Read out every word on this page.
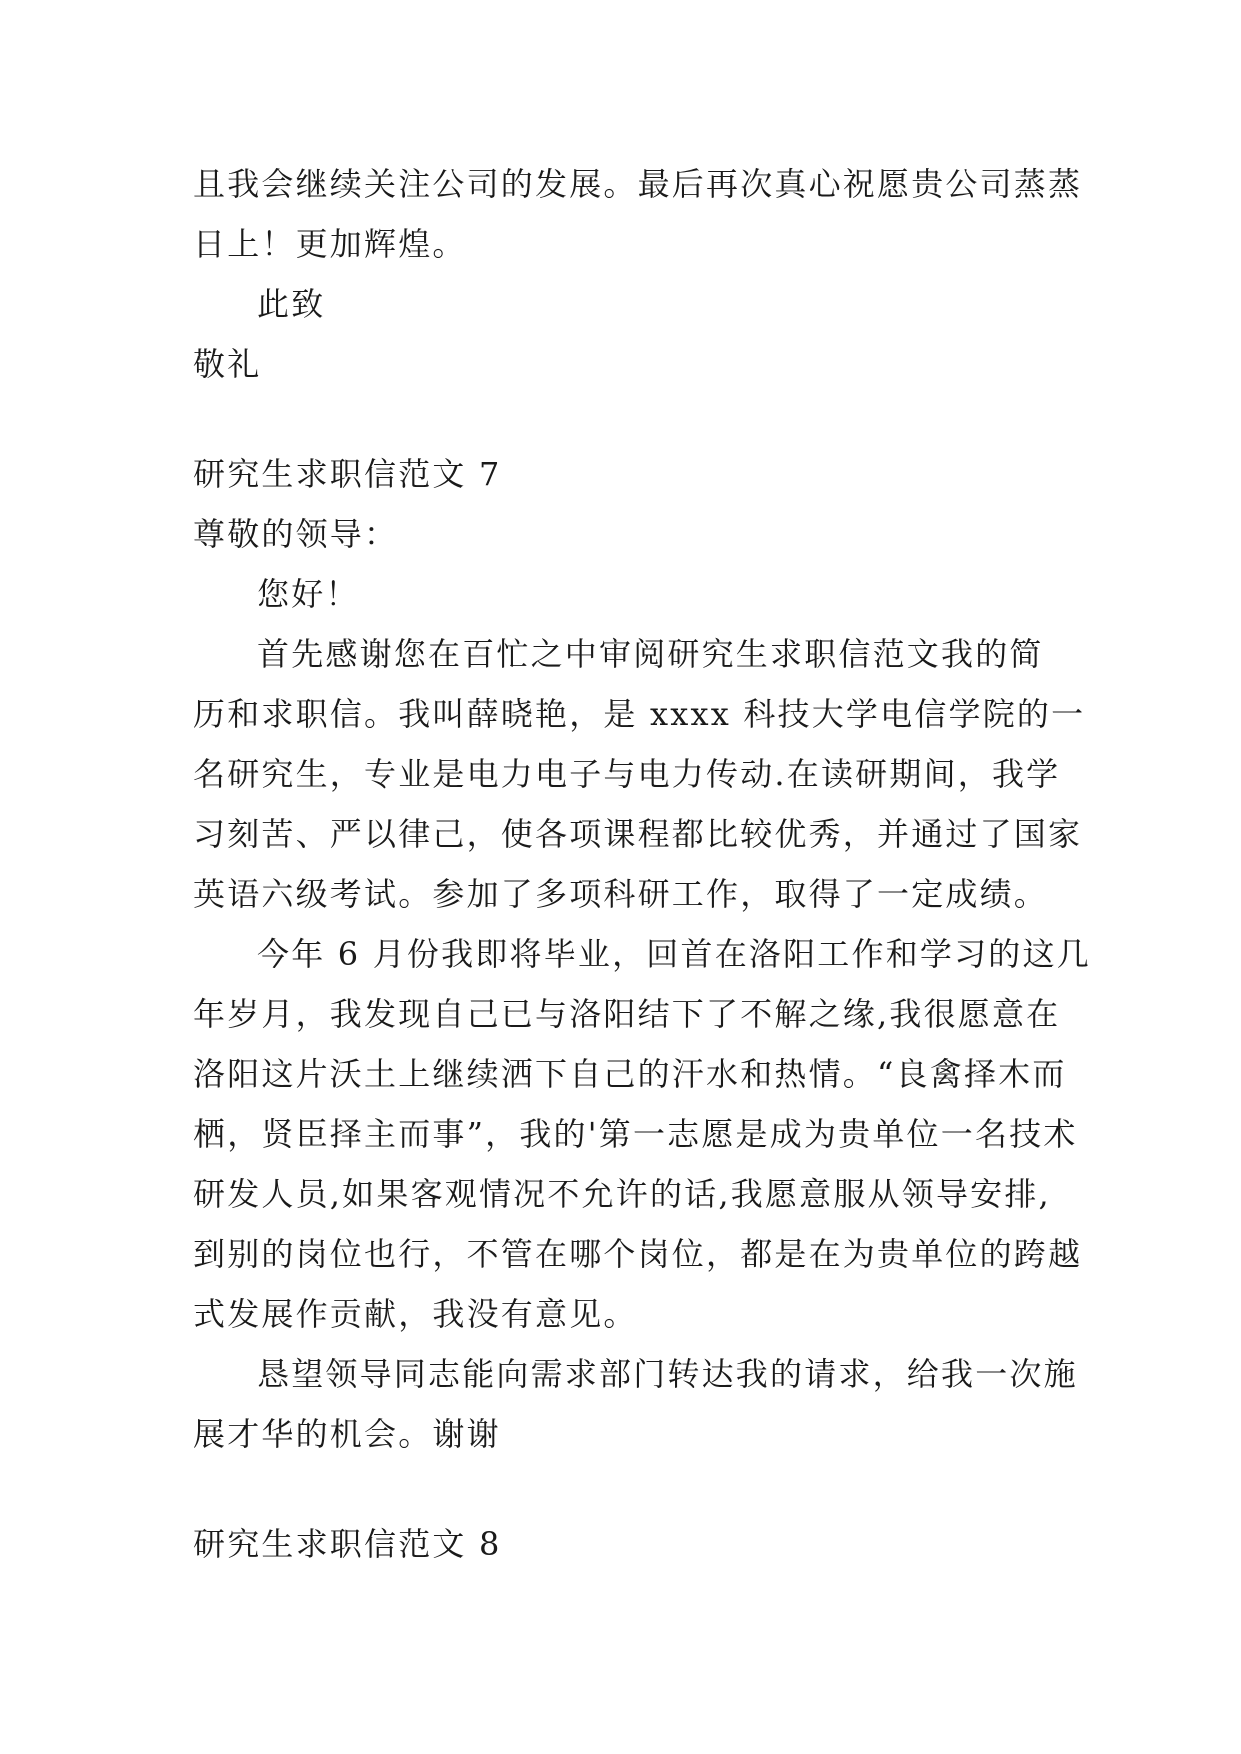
且我会继续关注公司的发展。最后再次真心祝愿贵公司蒸蒸
日上！更加辉煌。
此致
敬礼
研究生求职信范文 7
尊敬的领导：
您好！
首先感谢您在百忙之中审阅研究生求职信范文我的简
历和求职信。我叫薛晓艳，是 xxxx 科技大学电信学院的一
名研究生，专业是电力电子与电力传动.在读研期间，我学
习刻苦、严以律己，使各项课程都比较优秀，并通过了国家
英语六级考试。参加了多项科研工作，取得了一定成绩。
今年 6 月份我即将毕业，回首在洛阳工作和学习的这几
年岁月，我发现自己已与洛阳结下了不解之缘,我很愿意在
洛阳这片沃土上继续洒下自己的汗水和热情。“良禽择木而
栖，贤臣择主而事”，我的'第一志愿是成为贵单位一名技术
研发人员,如果客观情况不允许的话,我愿意服从领导安排,
到别的岗位也行，不管在哪个岗位，都是在为贵单位的跨越
式发展作贡献，我没有意见。
恳望领导同志能向需求部门转达我的请求，给我一次施
展才华的机会。谢谢
研究生求职信范文 8
